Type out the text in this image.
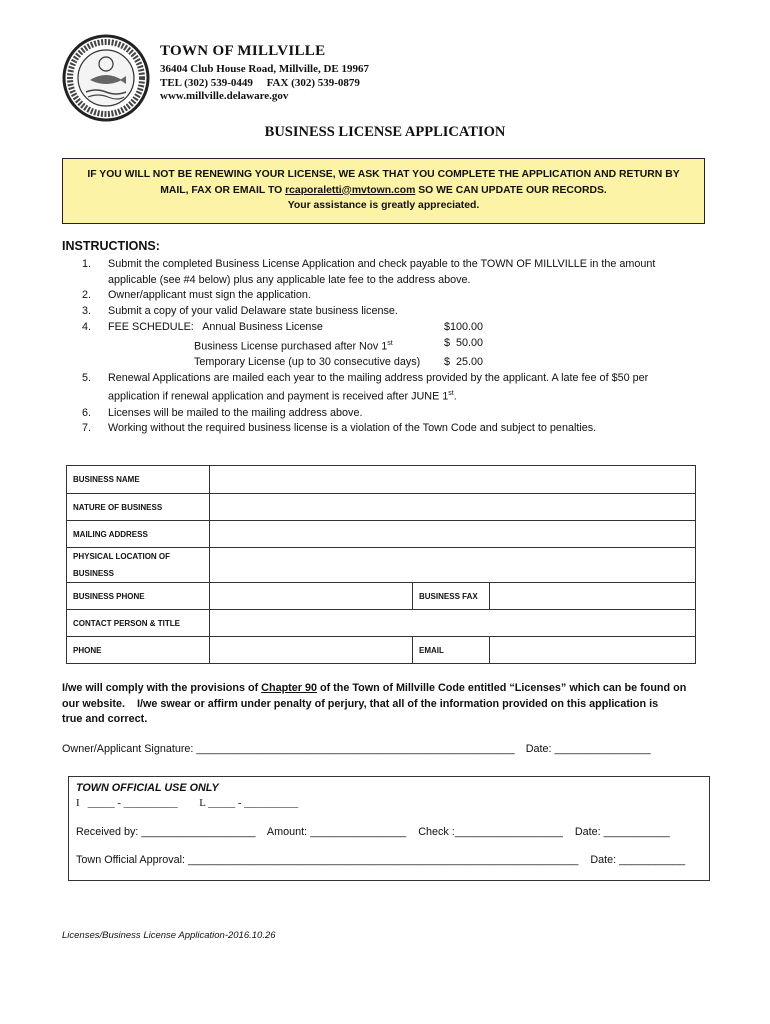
TOWN OF MILLVILLE
36404 Club House Road, Millville, DE 19967
TEL (302) 539-0449     FAX (302) 539-0879
www.millville.delaware.gov
BUSINESS LICENSE APPLICATION
IF YOU WILL NOT BE RENEWING YOUR LICENSE, WE ASK THAT YOU COMPLETE THE APPLICATION AND RETURN BY
MAIL, FAX OR EMAIL TO rcaporaletti@mvtown.com SO WE CAN UPDATE OUR RECORDS.
Your assistance is greatly appreciated.
INSTRUCTIONS:
1.	Submit the completed Business License Application and check payable to the TOWN OF MILLVILLE in the amount
applicable (see #4 below) plus any applicable late fee to the address above.
2.	Owner/applicant must sign the application.
3.	Submit a copy of your valid Delaware state business license.
4.	FEE SCHEDULE:   Annual Business License	$100.00
Business License purchased after Nov 1st	$  50.00
Temporary License (up to 30 consecutive days)	$  25.00
5.	Renewal Applications are mailed each year to the mailing address provided by the applicant. A late fee of $50 per
application if renewal application and payment is received after JUNE 1st.
6.	Licenses will be mailed to the mailing address above.
7.	Working without the required business license is a violation of the Town Code and subject to penalties.
BUSINESS NAME			
NATURE OF BUSINESS			
MAILING ADDRESS			

PHYSICAL LOCATION OF
BUSINESS			

BUSINESS PHONE		BUSINESS FAX	
CONTACT PERSON & TITLE			
PHONE		EMAIL	
I/we will comply with the provisions of Chapter 90 of the Town of Millville Code entitled “Licenses” which can be found on
our website.    I/we swear or affirm under penalty of perjury, that all of the information provided on this application is
true and correct.
Owner/Applicant Signature: _____________________________________________________ Date: ________________
TOWN OFFICIAL USE ONLY
I   _____ - __________        L _____ - __________
Received by: ___________________    Amount: ________________    Check :__________________    Date: ___________
Town Official Approval: _________________________________________________________________    Date: ___________
Licenses/Business License Application-2016.10.26
